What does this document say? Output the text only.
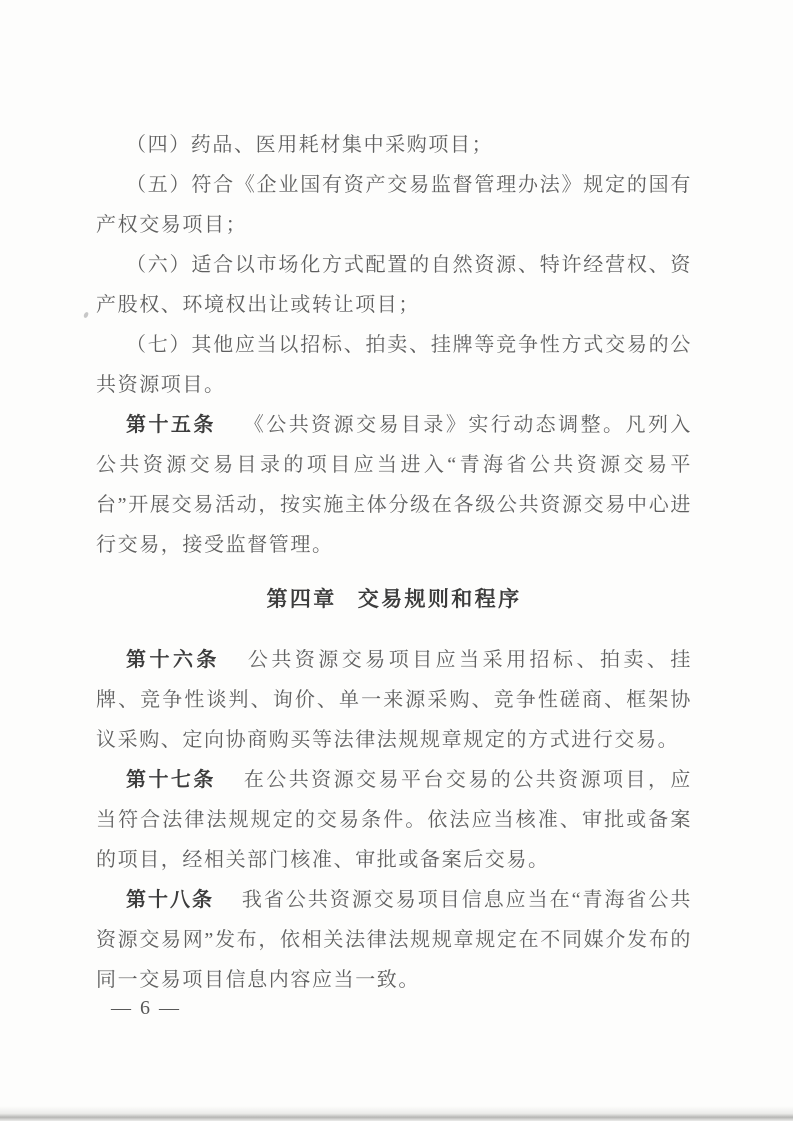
（四）药品、医用耗材集中采购项目；

（五）符合《企业国有资产交易监督管理办法》规定的国有产权交易项目；

（六）适合以市场化方式配置的自然资源、特许经营权、资产股权、环境权出让或转让项目；

（七）其他应当以招标、拍卖、挂牌等竞争性方式交易的公共资源项目。

第十五条 《公共资源交易目录》实行动态调整。凡列入公共资源交易目录的项目应当进入“青海省公共资源交易平台”开展交易活动，按实施主体分级在各级公共资源交易中心进行交易，接受监督管理。

第四章 交易规则和程序

第十六条 公共资源交易项目应当采用招标、拍卖、挂牌、竞争性谈判、询价、单一来源采购、竞争性磋商、框架协议采购、定向协商购买等法律法规规章规定的方式进行交易。

第十七条 在公共资源交易平台交易的公共资源项目，应当符合法律法规规定的交易条件。依法应当核准、审批或备案的项目，经相关部门核准、审批或备案后交易。

第十八条 我省公共资源交易项目信息应当在“青海省公共资源交易网”发布，依相关法律法规规章规定在不同媒介发布的同一交易项目信息内容应当一致。

— 6 —
